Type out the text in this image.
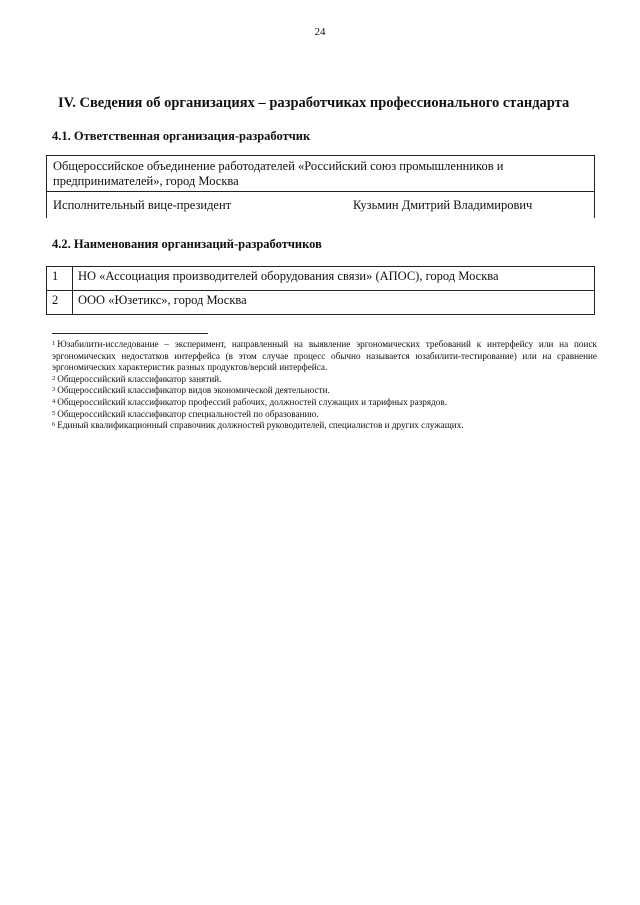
24
IV. Сведения об организациях – разработчиках профессионального стандарта
4.1. Ответственная организация-разработчик
Общероссийское объединение работодателей «Российский союз промышленников и предпринимателей», город Москва
Исполнительный вице-президент	Кузьмин Дмитрий Владимирович
4.2. Наименования организаций-разработчиков
1	НО «Ассоциация производителей оборудования связи» (АПОС), город Москва
2	ООО «Юзетикс», город Москва
$^1$ Юзабилити-исследование – эксперимент, направленный на выявление эргономических требований к интерфейсу или на поиск эргономических недостатков интерфейса (в этом случае процесс обычно называется юзабилити-тестирование) или на сравнение эргономических характеристик разных продуктов/версий интерфейса.
$^2$ Общероссийский классификатор занятий.
$^3$ Общероссийский классификатор видов экономической деятельности.
$^4$ Общероссийский классификатор профессий рабочих, должностей служащих и тарифных разрядов.
$^5$ Общероссийский классификатор специальностей по образованию.
$^6$ Единый квалификационный справочник должностей руководителей, специалистов и других служащих.
